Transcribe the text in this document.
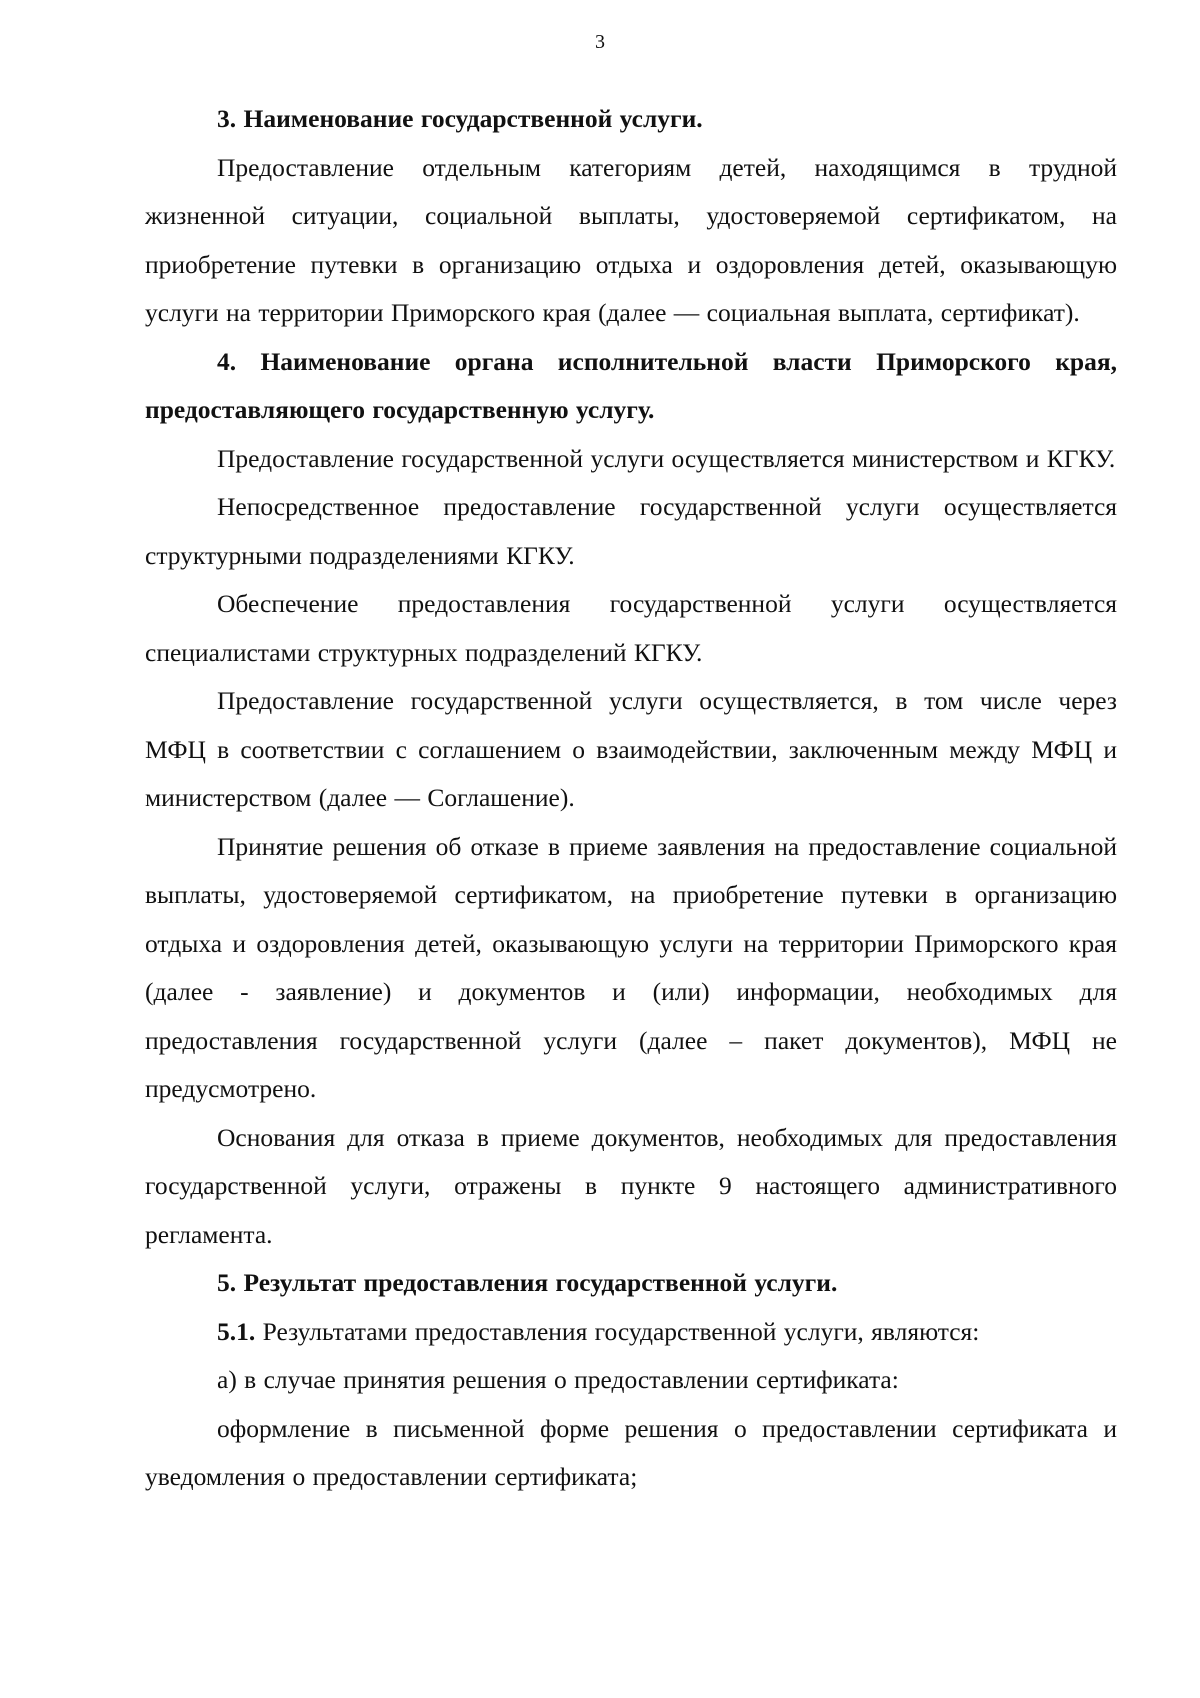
3

3. Наименование государственной услуги.

Предоставление отдельным категориям детей, находящимся в трудной жизненной ситуации, социальной выплаты, удостоверяемой сертификатом, на приобретение путевки в организацию отдыха и оздоровления детей, оказывающую услуги на территории Приморского края (далее — социальная выплата, сертификат).

4. Наименование органа исполнительной власти Приморского края, предоставляющего государственную услугу.

Предоставление государственной услуги осуществляется министерством и КГКУ.

Непосредственное предоставление государственной услуги осуществляется структурными подразделениями КГКУ.

Обеспечение предоставления государственной услуги осуществляется специалистами структурных подразделений КГКУ.

Предоставление государственной услуги осуществляется, в том числе через МФЦ в соответствии с соглашением о взаимодействии, заключенным между МФЦ и министерством (далее — Соглашение).

Принятие решения об отказе в приеме заявления на предоставление социальной выплаты, удостоверяемой сертификатом, на приобретение путевки в организацию отдыха и оздоровления детей, оказывающую услуги на территории Приморского края (далее - заявление) и документов и (или) информации, необходимых для предоставления государственной услуги (далее – пакет документов), МФЦ не предусмотрено.

Основания для отказа в приеме документов, необходимых для предоставления государственной услуги, отражены в пункте 9 настоящего административного регламента.

5. Результат предоставления государственной услуги.

5.1. Результатами предоставления государственной услуги, являются:

а) в случае принятия решения о предоставлении сертификата:

оформление в письменной форме решения о предоставлении сертификата и уведомления о предоставлении сертификата;
